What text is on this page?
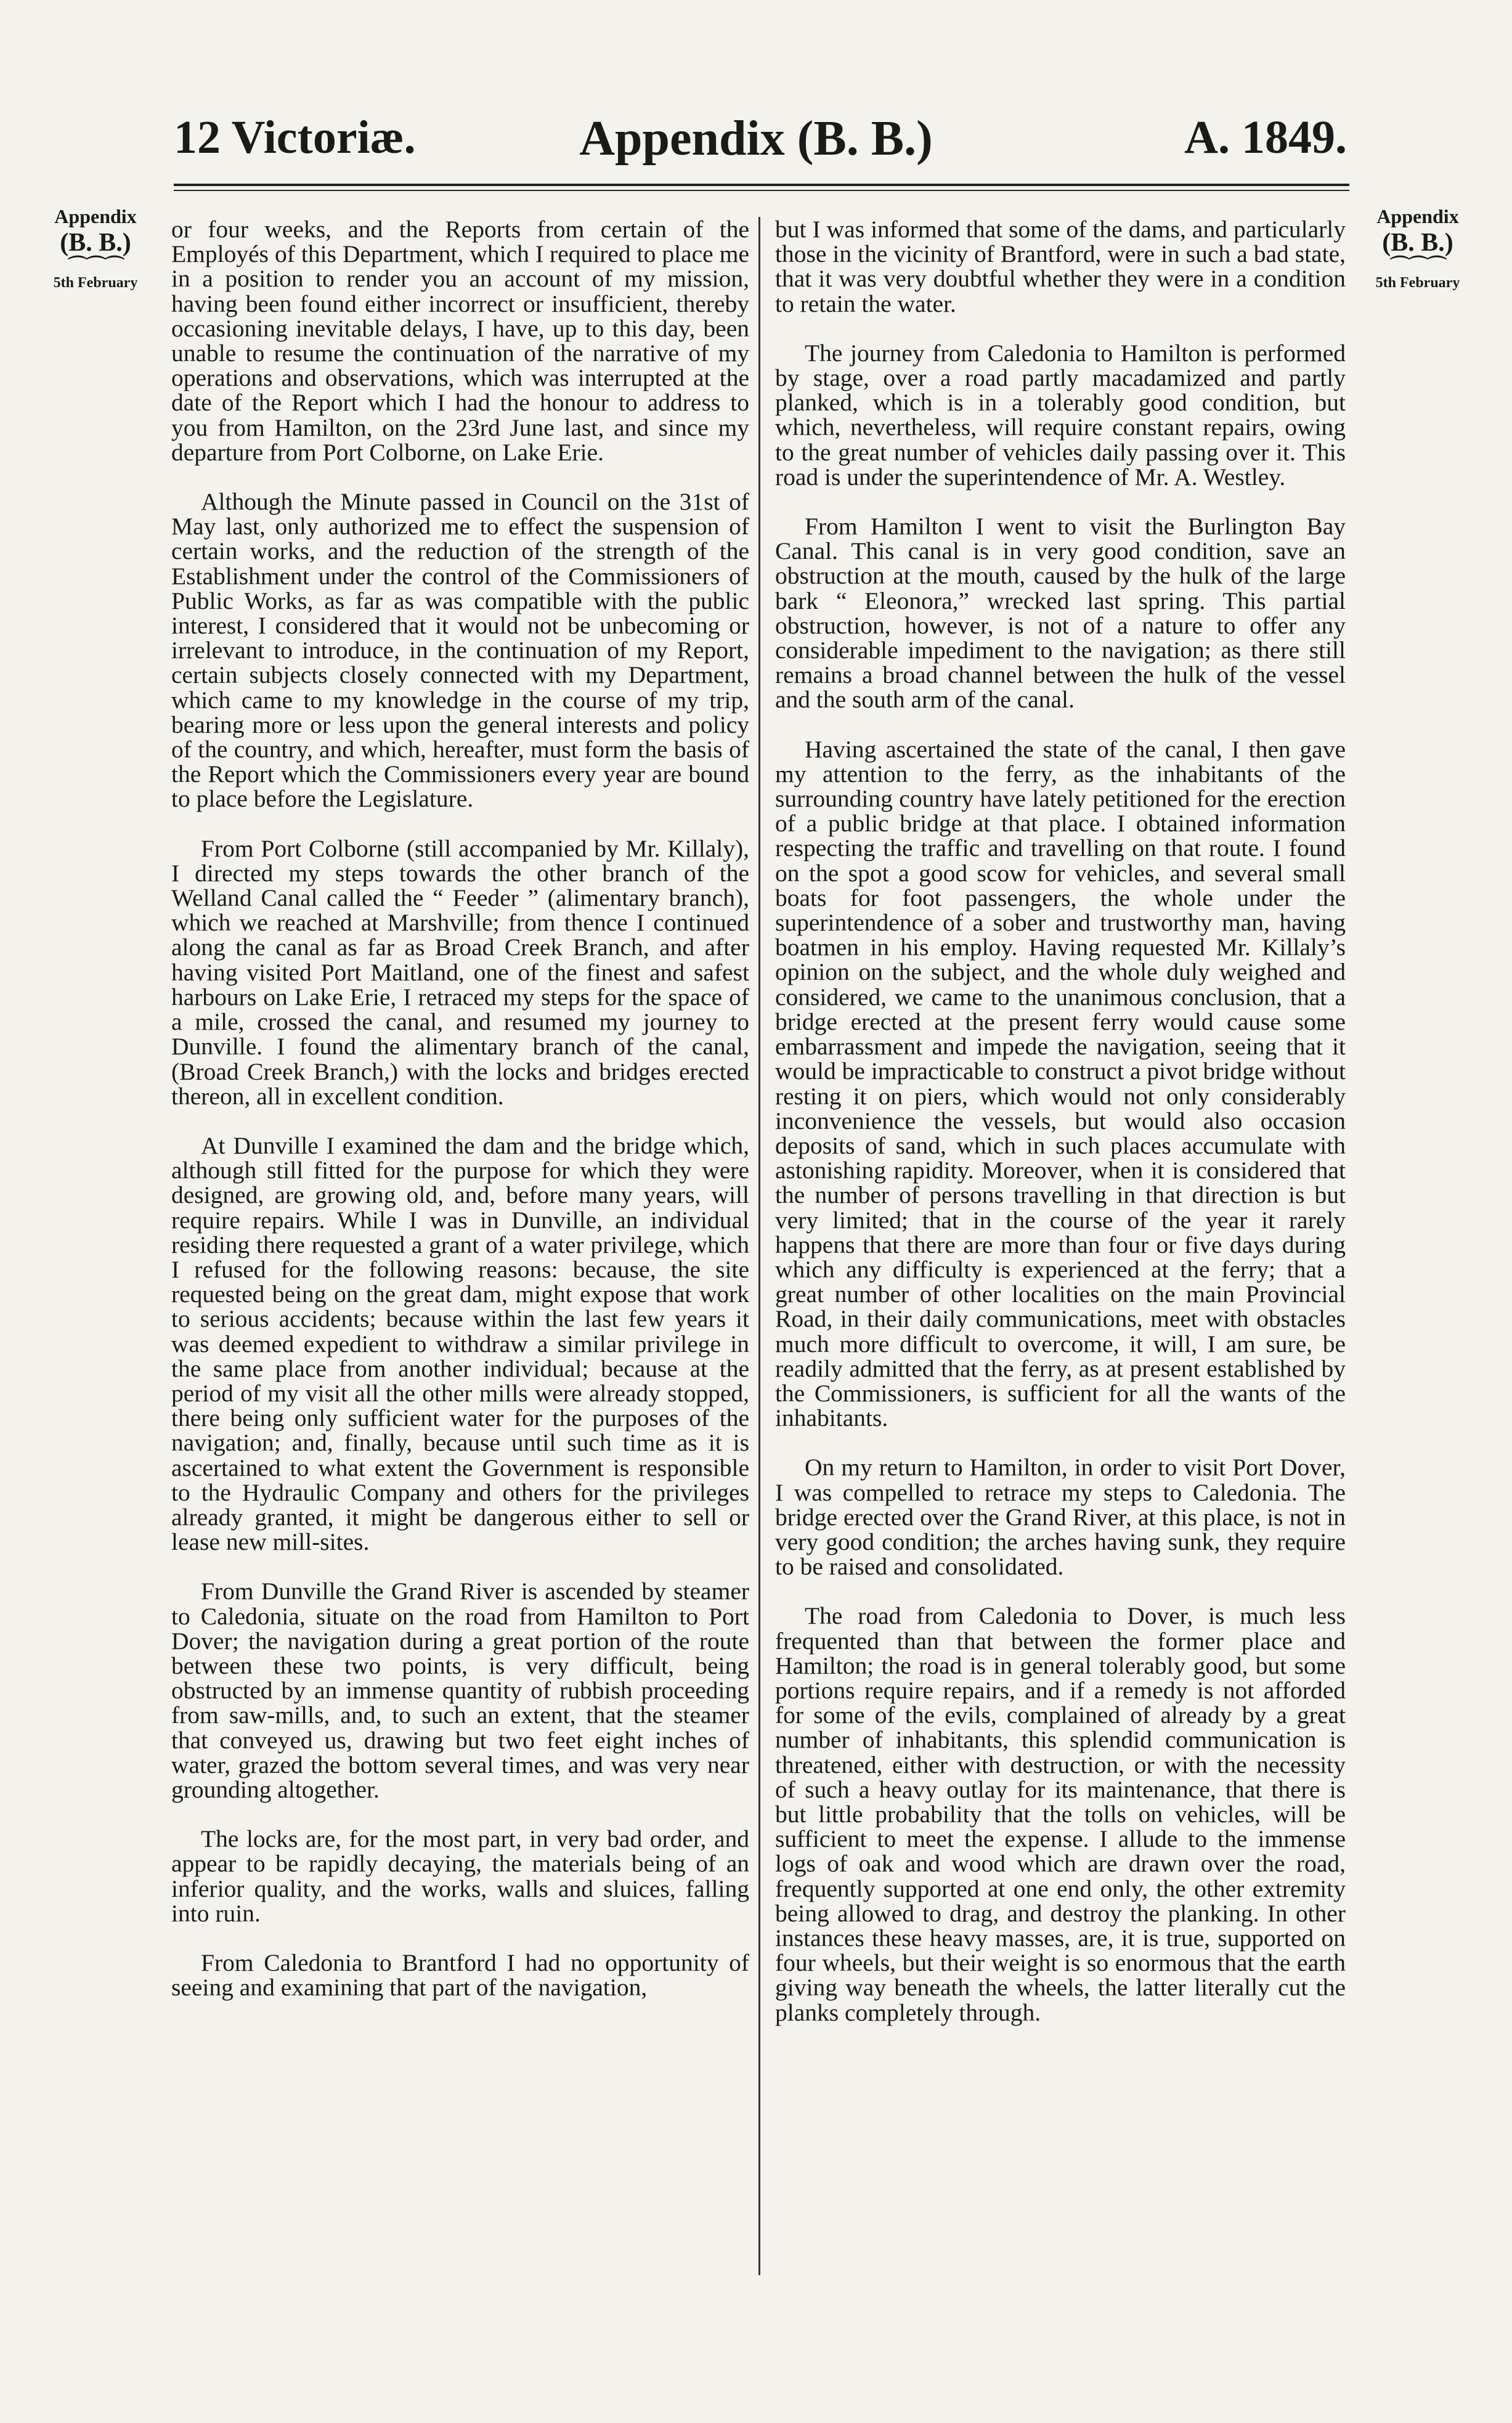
12 Victoriæ.	Appendix (B. B.)	A. 1849.
Appendix
(B. B.)
⌒⌒⌒
5th February
Appendix
(B. B.)
⌒⌒⌒
5th February

or four weeks, and the Reports from certain of the Employés of this Department, which I required to place me in a position to render you an account of my mission, having been found either incorrect or insufficient, thereby occasioning inevitable delays, I have, up to this day, been unable to resume the continuation of the narrative of my operations and observations, which was interrupted at the date of the Report which I had the honour to address to you from Hamilton, on the 23rd June last, and since my departure from Port Colborne, on Lake Erie.

Although the Minute passed in Council on the 31st of May last, only authorized me to effect the suspension of certain works, and the reduction of the strength of the Establishment under the control of the Commissioners of Public Works, as far as was compatible with the public interest, I considered that it would not be unbecoming or irrelevant to introduce, in the continuation of my Report, certain subjects closely connected with my Department, which came to my knowledge in the course of my trip, bearing more or less upon the general interests and policy of the country, and which, hereafter, must form the basis of the Report which the Commissioners every year are bound to place before the Legislature.

From Port Colborne (still accompanied by Mr. Killaly), I directed my steps towards the other branch of the Welland Canal called the “ Feeder ” (alimentary branch), which we reached at Marshville; from thence I continued along the canal as far as Broad Creek Branch, and after having visited Port Maitland, one of the finest and safest harbours on Lake Erie, I retraced my steps for the space of a mile, crossed the canal, and resumed my journey to Dunville. I found the alimentary branch of the canal, (Broad Creek Branch,) with the locks and bridges erected thereon, all in excellent condition.

At Dunville I examined the dam and the bridge which, although still fitted for the purpose for which they were designed, are growing old, and, before many years, will require repairs. While I was in Dunville, an individual residing there requested a grant of a water privilege, which I refused for the following reasons: because, the site requested being on the great dam, might expose that work to serious accidents; because within the last few years it was deemed expedient to withdraw a similar privilege in the same place from another individual; because at the period of my visit all the other mills were already stopped, there being only sufficient water for the purposes of the navigation; and, finally, because until such time as it is ascertained to what extent the Government is responsible to the Hydraulic Company and others for the privileges already granted, it might be dangerous either to sell or lease new mill-sites.

From Dunville the Grand River is ascended by steamer to Caledonia, situate on the road from Hamilton to Port Dover; the navigation during a great portion of the route between these two points, is very difficult, being obstructed by an immense quantity of rubbish proceeding from saw-mills, and, to such an extent, that the steamer that conveyed us, drawing but two feet eight inches of water, grazed the bottom several times, and was very near grounding altogether.

The locks are, for the most part, in very bad order, and appear to be rapidly decaying, the materials being of an inferior quality, and the works, walls and sluices, falling into ruin.

From Caledonia to Brantford I had no opportunity of seeing and examining that part of the navigation,

but I was informed that some of the dams, and particularly those in the vicinity of Brantford, were in such a bad state, that it was very doubtful whether they were in a condition to retain the water.

The journey from Caledonia to Hamilton is performed by stage, over a road partly macadamized and partly planked, which is in a tolerably good condition, but which, nevertheless, will require constant repairs, owing to the great number of vehicles daily passing over it. This road is under the superintendence of Mr. A. Westley.

From Hamilton I went to visit the Burlington Bay Canal. This canal is in very good condition, save an obstruction at the mouth, caused by the hulk of the large bark “ Eleonora,” wrecked last spring. This partial obstruction, however, is not of a nature to offer any considerable impediment to the navigation; as there still remains a broad channel between the hulk of the vessel and the south arm of the canal.

Having ascertained the state of the canal, I then gave my attention to the ferry, as the inhabitants of the surrounding country have lately petitioned for the erection of a public bridge at that place. I obtained information respecting the traffic and travelling on that route. I found on the spot a good scow for vehicles, and several small boats for foot passengers, the whole under the superintendence of a sober and trustworthy man, having boatmen in his employ. Having requested Mr. Killaly’s opinion on the subject, and the whole duly weighed and considered, we came to the unanimous conclusion, that a bridge erected at the present ferry would cause some embarrassment and impede the navigation, seeing that it would be impracticable to construct a pivot bridge without resting it on piers, which would not only considerably inconvenience the vessels, but would also occasion deposits of sand, which in such places accumulate with astonishing rapidity. Moreover, when it is considered that the number of persons travelling in that direction is but very limited; that in the course of the year it rarely happens that there are more than four or five days during which any difficulty is experienced at the ferry; that a great number of other localities on the main Provincial Road, in their daily communications, meet with obstacles much more difficult to overcome, it will, I am sure, be readily admitted that the ferry, as at present established by the Commissioners, is sufficient for all the wants of the inhabitants.

On my return to Hamilton, in order to visit Port Dover, I was compelled to retrace my steps to Caledonia. The bridge erected over the Grand River, at this place, is not in very good condition; the arches having sunk, they require to be raised and consolidated.

The road from Caledonia to Dover, is much less frequented than that between the former place and Hamilton; the road is in general tolerably good, but some portions require repairs, and if a remedy is not afforded for some of the evils, complained of already by a great number of inhabitants, this splendid communication is threatened, either with destruction, or with the necessity of such a heavy outlay for its maintenance, that there is but little probability that the tolls on vehicles, will be sufficient to meet the expense. I allude to the immense logs of oak and wood which are drawn over the road, frequently supported at one end only, the other extremity being allowed to drag, and destroy the planking. In other instances these heavy masses, are, it is true, supported on four wheels, but their weight is so enormous that the earth giving way beneath the wheels, the latter literally cut the planks completely through.
